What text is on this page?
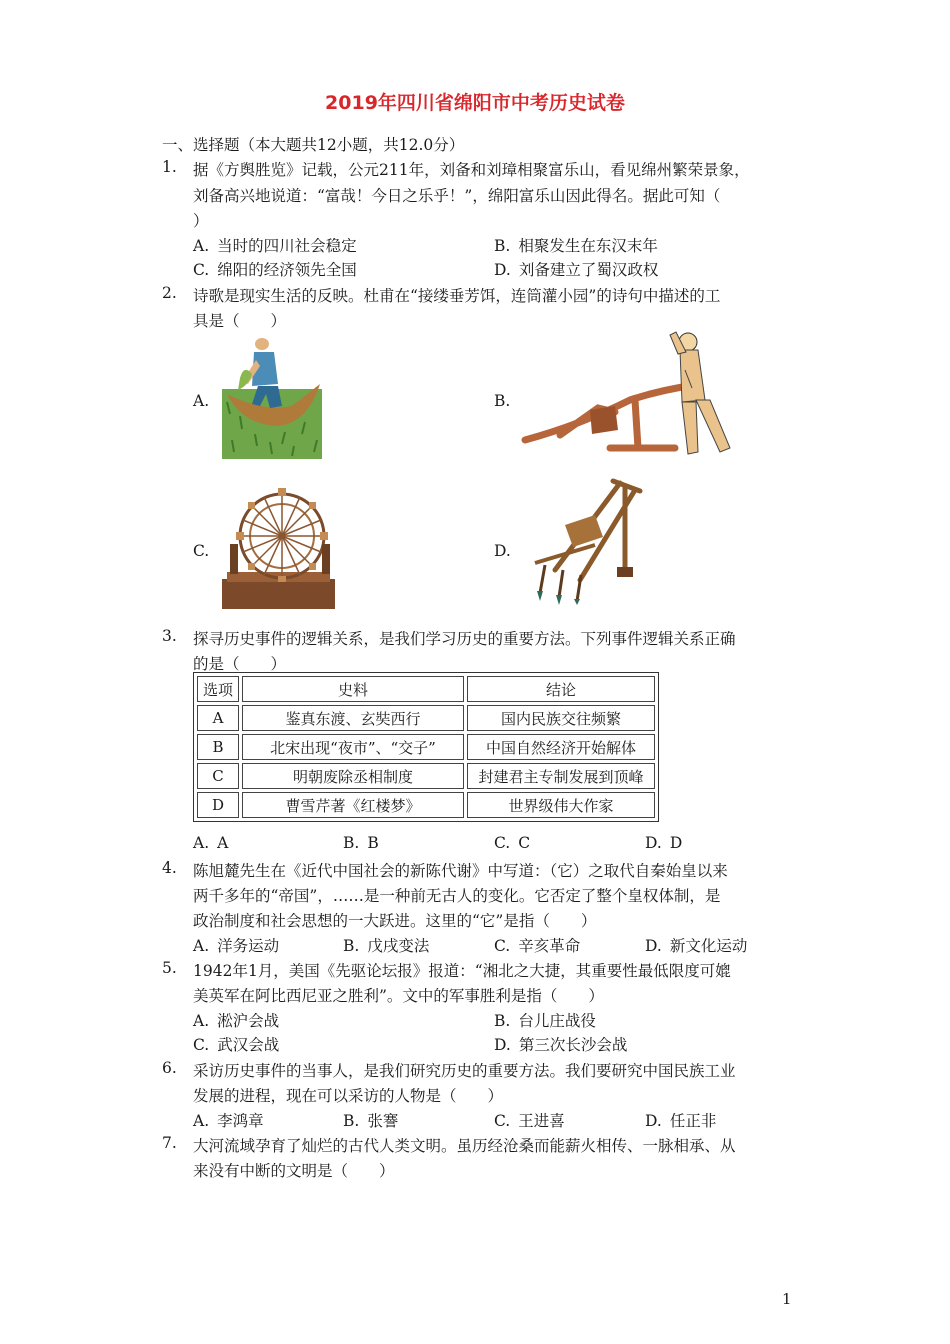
2019年四川省绵阳市中考历史试卷
一、选择题（本大题共12小题，共12.0分）
1. 据《方舆胜览》记载，公元211年，刘备和刘璋相聚富乐山，看见绵州繁荣景象，
刘备高兴地说道：“富哉！今日之乐乎！”，绵阳富乐山因此得名。据此可知（
）
A. 当时的四川社会稳定	B. 相聚发生在东汉末年
C. 绵阳的经济领先全国	D. 刘备建立了蜀汉政权
2. 诗歌是现实生活的反映。杜甫在“接缕垂芳饵，连筒灌小园”的诗句中描述的工
具是（　　）
A.	B.
C.	D.
3. 探寻历史事件的逻辑关系，是我们学习历史的重要方法。下列事件逻辑关系正确
的是（　　）
选项	史料	结论
A	鉴真东渡、玄奘西行	国内民族交往频繁
B	北宋出现“夜市”、“交子”	中国自然经济开始解体
C	明朝废除丞相制度	封建君主专制发展到顶峰
D	曹雪芹著《红楼梦》	世界级伟大作家
A. A	B. B	C. C	D. D
4. 陈旭麓先生在《近代中国社会的新陈代谢》中写道：（它）之取代自秦始皇以来
两千多年的“帝国”，……是一种前无古人的变化。它否定了整个皇权体制，是
政治制度和社会思想的一大跃进。这里的“它”是指（　　）
A. 洋务运动	B. 戊戌变法	C. 辛亥革命	D. 新文化运动
5. 1942年1月，美国《先驱论坛报》报道：“湘北之大捷，其重要性最低限度可媲
美英军在阿比西尼亚之胜利”。文中的军事胜利是指（　　）
A. 淞沪会战	B. 台儿庄战役
C. 武汉会战	D. 第三次长沙会战
6. 采访历史事件的当事人，是我们研究历史的重要方法。我们要研究中国民族工业
发展的进程，现在可以采访的人物是（　　）
A. 李鸿章	B. 张謇	C. 王进喜	D. 任正非
7. 大河流域孕育了灿烂的古代人类文明。虽历经沧桑而能薪火相传、一脉相承、从
来没有中断的文明是（　　）
1
